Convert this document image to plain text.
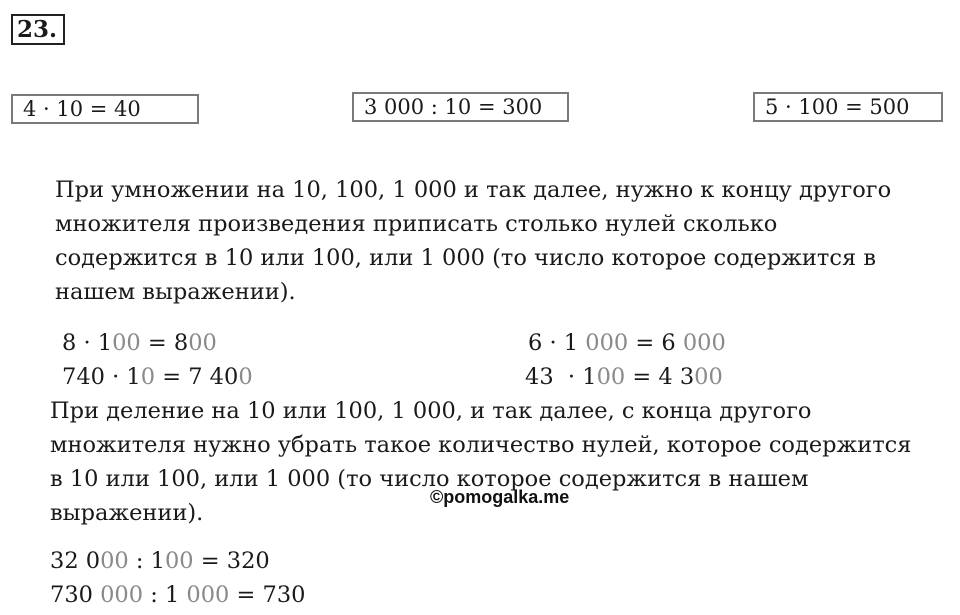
23.
4 · 10 = 40	3 000 : 10 = 300	5 · 100 = 500
При умножении на 10, 100, 1 000 и так далее, нужно к концу другого
множителя произведения приписать столько нулей сколько
содержится в 10 или 100, или 1 000 (то число которое содержится в
нашем выражении).
8 · 100 = 800	6 · 1 000 = 6 000
740 · 10 = 7 400	43  · 100 = 4 300
При деление на 10 или 100, 1 000, и так далее, с конца другого
множителя нужно убрать такое количество нулей, которое содержится
в 10 или 100, или 1 000 (то число которое содержится в нашем
выражении).
©pomogalka.me
32 000 : 100 = 320
730 000 : 1 000 = 730
